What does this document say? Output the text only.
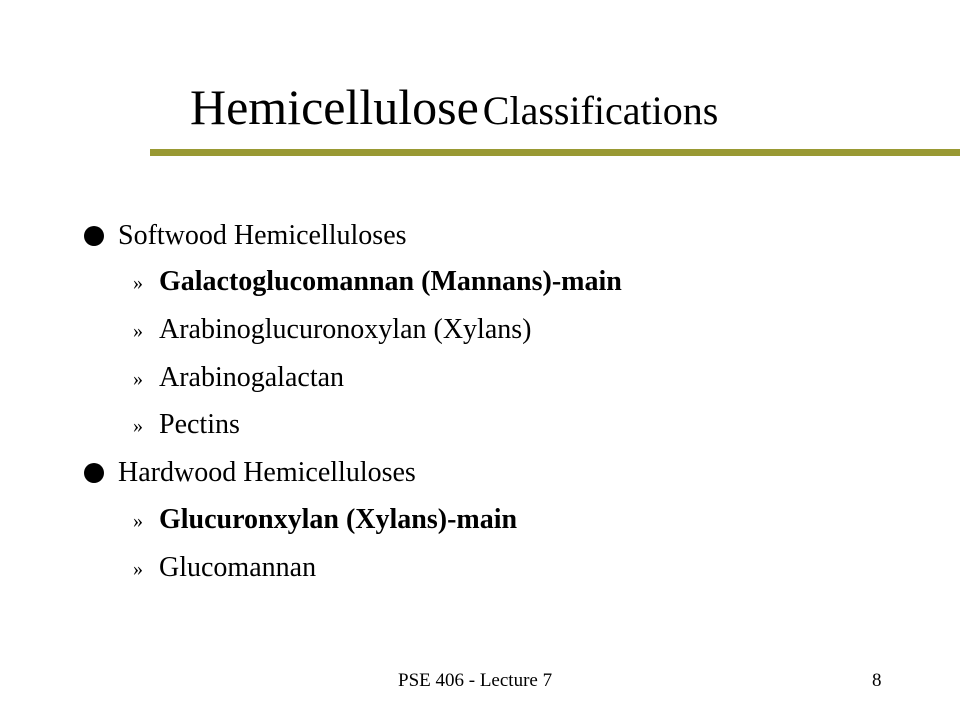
Hemicellulose Classifications
Softwood Hemicelluloses
» Galactoglucomannan (Mannans)-main
» Arabinoglucuronoxylan (Xylans)
» Arabinogalactan
» Pectins
Hardwood Hemicelluloses
» Glucuronxylan (Xylans)-main
» Glucomannan
PSE 406 - Lecture 7	8
